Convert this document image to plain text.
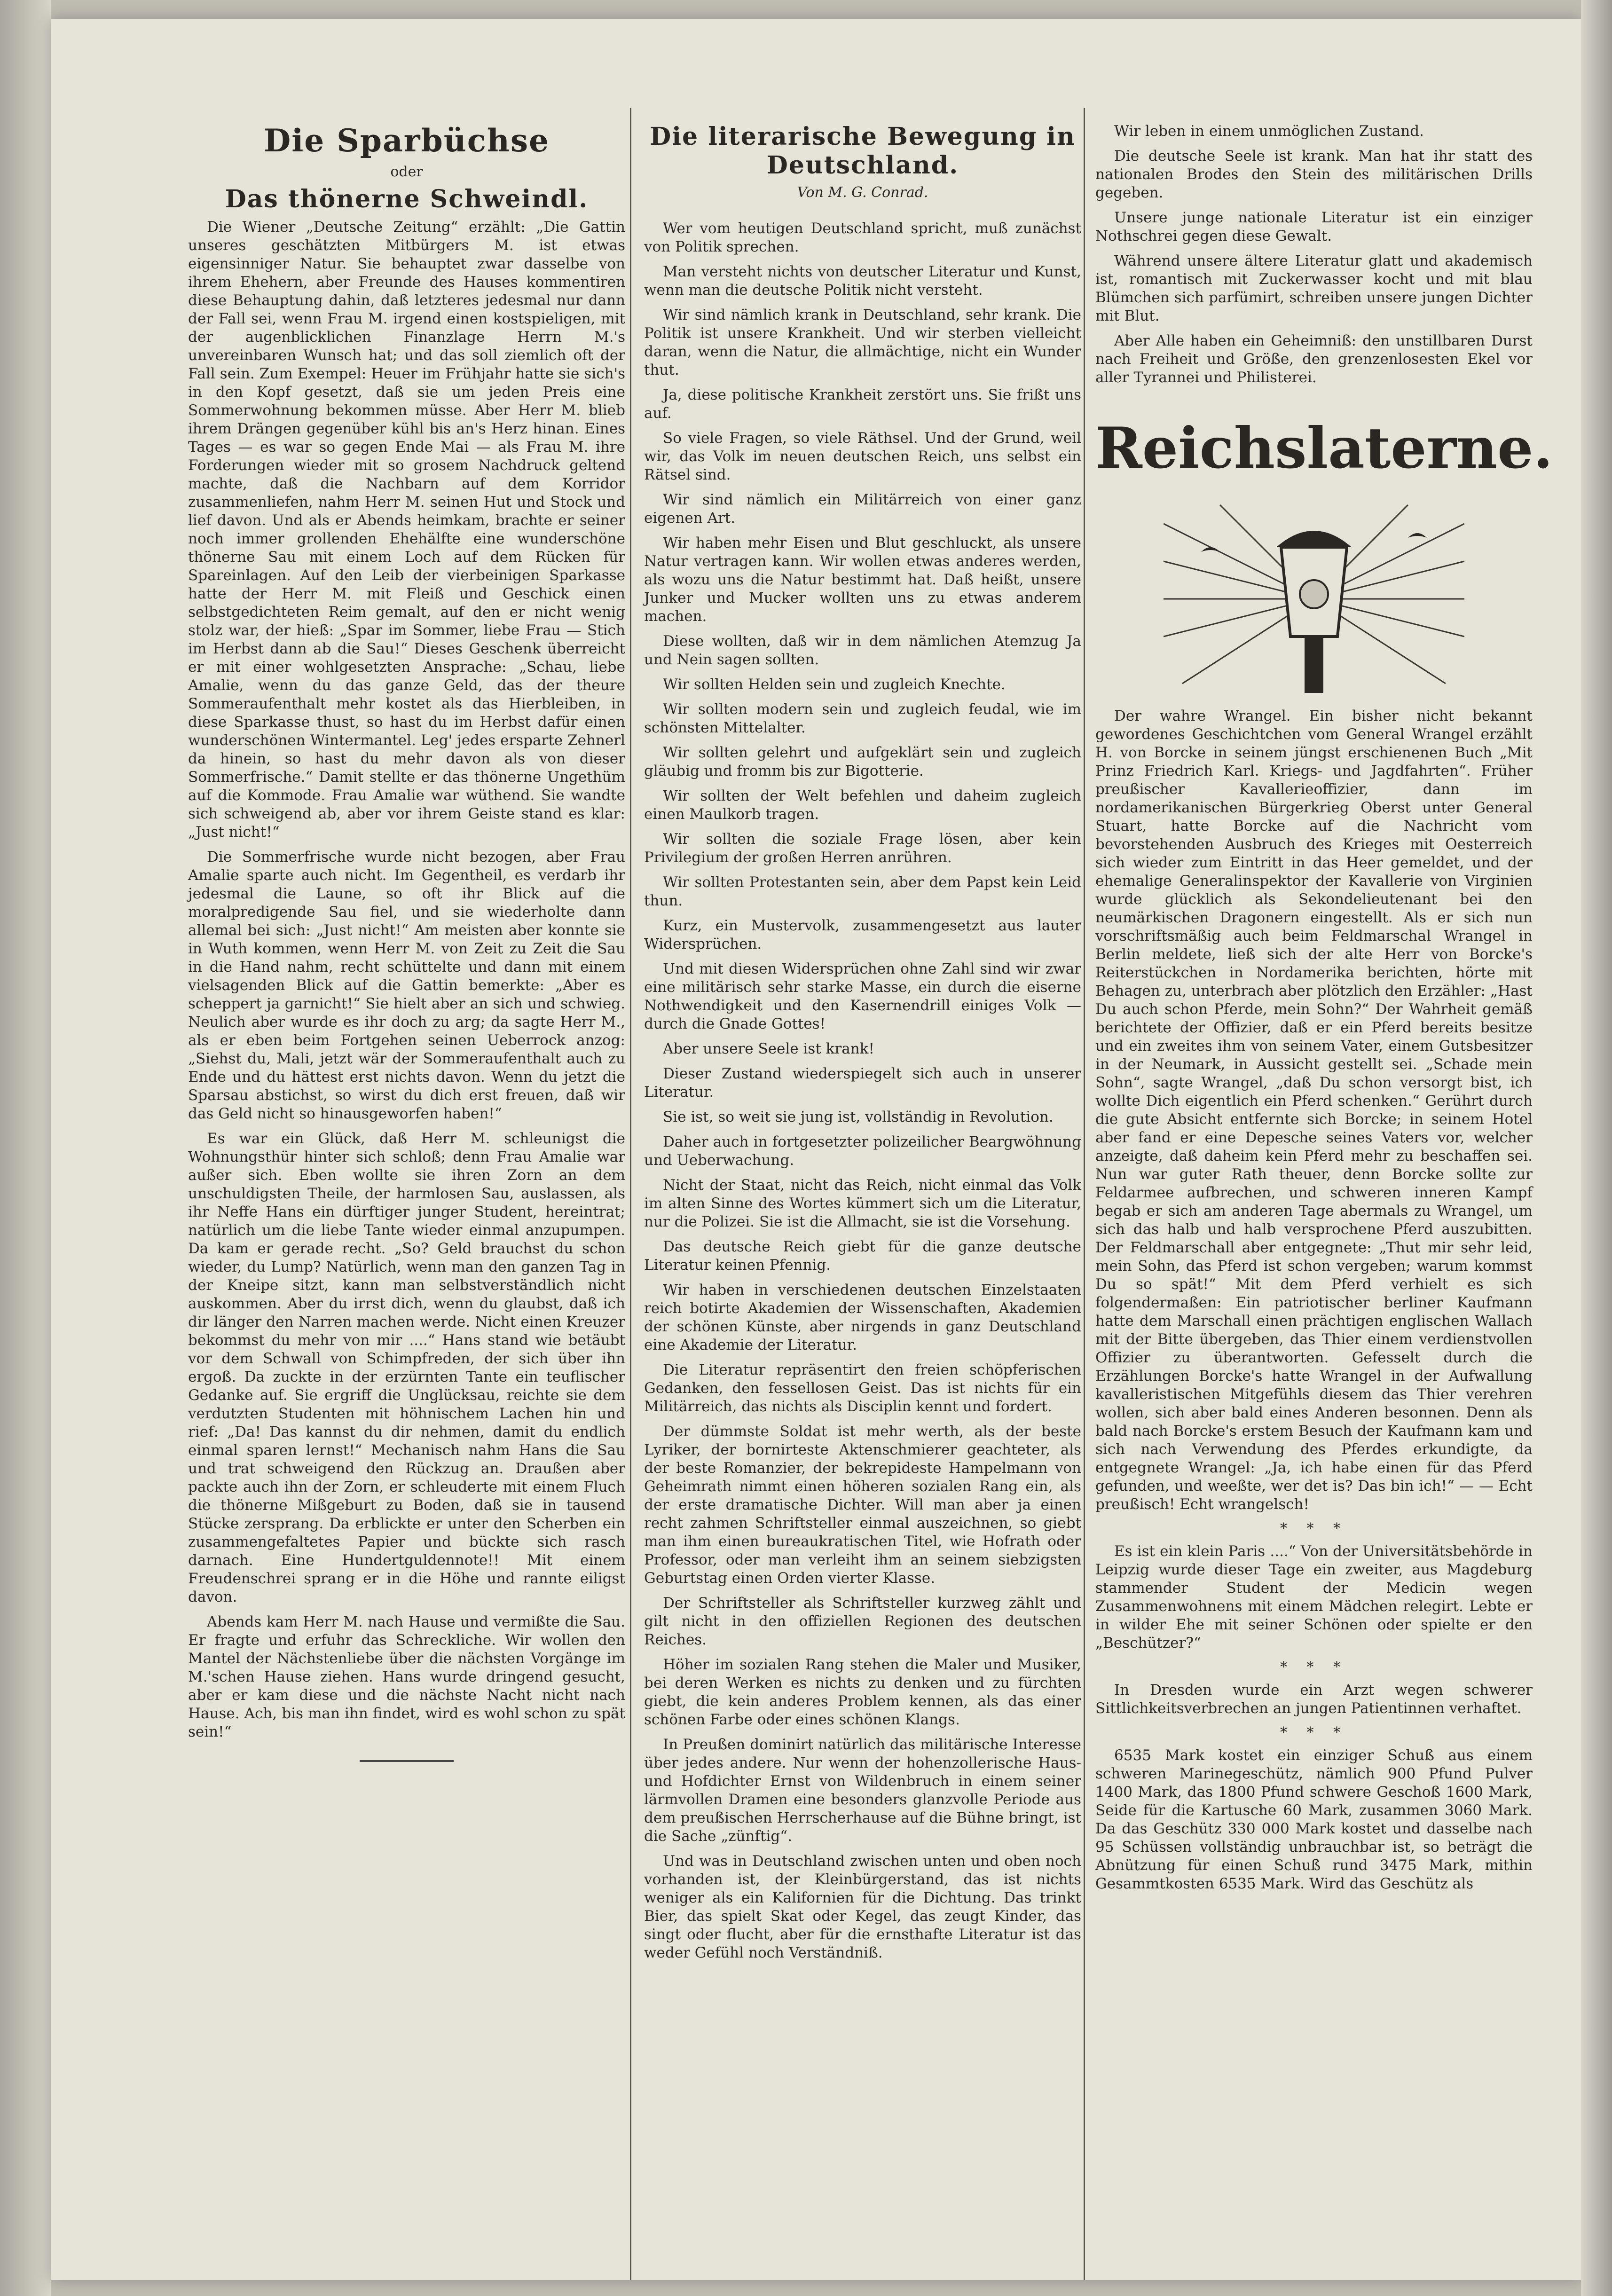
Die Sparbüchse
oder
Das thönerne Schweindl.

Die Wiener „Deutsche Zeitung“ erzählt: „Die Gattin unseres geschätzten Mitbürgers M. ist etwas eigensinniger Natur. Sie behauptet zwar dasselbe von ihrem Ehehern, aber Freunde des Hauses kommentiren diese Behauptung dahin, daß letzteres jedesmal nur dann der Fall sei, wenn Frau M. irgend einen kostspieligen, mit der augenblicklichen Finanzlage Herrn M.'s unvereinbaren Wunsch hat; und das soll ziemlich oft der Fall sein. Zum Exempel: Heuer im Frühjahr hatte sie sich's in den Kopf gesetzt, daß sie um jeden Preis eine Sommerwohnung bekommen müsse. Aber Herr M. blieb ihrem Drängen gegenüber kühl bis an's Herz hinan. Eines Tages — es war so gegen Ende Mai — als Frau M. ihre Forderungen wieder mit so grosem Nachdruck geltend machte, daß die Nachbarn auf dem Korridor zusammenliefen, nahm Herr M. seinen Hut und Stock und lief davon. Und als er Abends heimkam, brachte er seiner noch immer grollenden Ehehälfte eine wunderschöne thönerne Sau mit einem Loch auf dem Rücken für Spareinlagen. Auf den Leib der vierbeinigen Sparkasse hatte der Herr M. mit Fleiß und Geschick einen selbstgedichteten Reim gemalt, auf den er nicht wenig stolz war, der hieß: „Spar im Sommer, liebe Frau — Stich im Herbst dann ab die Sau!“ Dieses Geschenk überreicht er mit einer wohlgesetzten Ansprache: „Schau, liebe Amalie, wenn du das ganze Geld, das der theure Sommeraufenthalt mehr kostet als das Hierbleiben, in diese Sparkasse thust, so hast du im Herbst dafür einen wunderschönen Wintermantel. Leg' jedes ersparte Zehnerl da hinein, so hast du mehr davon als von dieser Sommerfrische.“ Damit stellte er das thönerne Ungethüm auf die Kommode. Frau Amalie war wüthend. Sie wandte sich schweigend ab, aber vor ihrem Geiste stand es klar: „Just nicht!“

Die Sommerfrische wurde nicht bezogen, aber Frau Amalie sparte auch nicht. Im Gegentheil, es verdarb ihr jedesmal die Laune, so oft ihr Blick auf die moralpredigende Sau fiel, und sie wiederholte dann allemal bei sich: „Just nicht!“ Am meisten aber konnte sie in Wuth kommen, wenn Herr M. von Zeit zu Zeit die Sau in die Hand nahm, recht schüttelte und dann mit einem vielsagenden Blick auf die Gattin bemerkte: „Aber es scheppert ja garnicht!“ Sie hielt aber an sich und schwieg. Neulich aber wurde es ihr doch zu arg; da sagte Herr M., als er eben beim Fortgehen seinen Ueberrock anzog: „Siehst du, Mali, jetzt wär der Sommeraufenthalt auch zu Ende und du hättest erst nichts davon. Wenn du jetzt die Sparsau abstichst, so wirst du dich erst freuen, daß wir das Geld nicht so hinausgeworfen haben!“

Es war ein Glück, daß Herr M. schleunigst die Wohnungsthür hinter sich schloß; denn Frau Amalie war außer sich. Eben wollte sie ihren Zorn an dem unschuldigsten Theile, der harmlosen Sau, auslassen, als ihr Neffe Hans ein dürftiger junger Student, hereintrat; natürlich um die liebe Tante wieder einmal anzupumpen. Da kam er gerade recht. „So? Geld brauchst du schon wieder, du Lump? Natürlich, wenn man den ganzen Tag in der Kneipe sitzt, kann man selbstverständlich nicht auskommen. Aber du irrst dich, wenn du glaubst, daß ich dir länger den Narren machen werde. Nicht einen Kreuzer bekommst du mehr von mir ....“ Hans stand wie betäubt vor dem Schwall von Schimpfreden, der sich über ihn ergoß. Da zuckte in der erzürnten Tante ein teuflischer Gedanke auf. Sie ergriff die Unglücksau, reichte sie dem verdutzten Studenten mit höhnischem Lachen hin und rief: „Da! Das kannst du dir nehmen, damit du endlich einmal sparen lernst!“ Mechanisch nahm Hans die Sau und trat schweigend den Rückzug an. Draußen aber packte auch ihn der Zorn, er schleuderte mit einem Fluch die thönerne Mißgeburt zu Boden, daß sie in tausend Stücke zersprang. Da erblickte er unter den Scherben ein zusammengefaltetes Papier und bückte sich rasch darnach. Eine Hundertguldennote!! Mit einem Freudenschrei sprang er in die Höhe und rannte eiligst davon.

Abends kam Herr M. nach Hause und vermißte die Sau. Er fragte und erfuhr das Schreckliche. Wir wollen den Mantel der Nächstenliebe über die nächsten Vorgänge im M.'schen Hause ziehen. Hans wurde dringend gesucht, aber er kam diese und die nächste Nacht nicht nach Hause. Ach, bis man ihn findet, wird es wohl schon zu spät sein!“

Die literarische Bewegung in Deutschland.
Von M. G. Conrad.

Wer vom heutigen Deutschland spricht, muß zunächst von Politik sprechen.

Man versteht nichts von deutscher Literatur und Kunst, wenn man die deutsche Politik nicht versteht.

Wir sind nämlich krank in Deutschland, sehr krank. Die Politik ist unsere Krankheit. Und wir sterben vielleicht daran, wenn die Natur, die allmächtige, nicht ein Wunder thut.

Ja, diese politische Krankheit zerstört uns. Sie frißt uns auf.

So viele Fragen, so viele Räthsel. Und der Grund, weil wir, das Volk im neuen deutschen Reich, uns selbst ein Rätsel sind.

Wir sind nämlich ein Militärreich von einer ganz eigenen Art.

Wir haben mehr Eisen und Blut geschluckt, als unsere Natur vertragen kann. Wir wollen etwas anderes werden, als wozu uns die Natur bestimmt hat. Daß heißt, unsere Junker und Mucker wollten uns zu etwas anderem machen.

Diese wollten, daß wir in dem nämlichen Atemzug Ja und Nein sagen sollten.

Wir sollten Helden sein und zugleich Knechte.

Wir sollten modern sein und zugleich feudal, wie im schönsten Mittelalter.

Wir sollten gelehrt und aufgeklärt sein und zugleich gläubig und fromm bis zur Bigotterie.

Wir sollten der Welt befehlen und daheim zugleich einen Maulkorb tragen.

Wir sollten die soziale Frage lösen, aber kein Privilegium der großen Herren anrühren.

Wir sollten Protestanten sein, aber dem Papst kein Leid thun.

Kurz, ein Mustervolk, zusammengesetzt aus lauter Widersprüchen.

Und mit diesen Widersprüchen ohne Zahl sind wir zwar eine militärisch sehr starke Masse, ein durch die eiserne Nothwendigkeit und den Kasernendrill einiges Volk — durch die Gnade Gottes!

Aber unsere Seele ist krank!

Dieser Zustand wiederspiegelt sich auch in unserer Literatur.

Sie ist, so weit sie jung ist, vollständig in Revolution.

Daher auch in fortgesetzter polizeilicher Beargwöhnung und Ueberwachung.

Nicht der Staat, nicht das Reich, nicht einmal das Volk im alten Sinne des Wortes kümmert sich um die Literatur, nur die Polizei. Sie ist die Allmacht, sie ist die Vorsehung.

Das deutsche Reich giebt für die ganze deutsche Literatur keinen Pfennig.

Wir haben in verschiedenen deutschen Einzelstaaten reich botirte Akademien der Wissenschaften, Akademien der schönen Künste, aber nirgends in ganz Deutschland eine Akademie der Literatur.

Die Literatur repräsentirt den freien schöpferischen Gedanken, den fessellosen Geist. Das ist nichts für ein Militärreich, das nichts als Disciplin kennt und fordert.

Der dümmste Soldat ist mehr werth, als der beste Lyriker, der bornirteste Aktenschmierer geachteter, als der beste Romanzier, der bekrepideste Hampelmann von Geheimrath nimmt einen höheren sozialen Rang ein, als der erste dramatische Dichter. Will man aber ja einen recht zahmen Schriftsteller einmal auszeichnen, so giebt man ihm einen bureaukratischen Titel, wie Hofrath oder Professor, oder man verleiht ihm an seinem siebzigsten Geburtstag einen Orden vierter Klasse.

Der Schriftsteller als Schriftsteller kurzweg zählt und gilt nicht in den offiziellen Regionen des deutschen Reiches.

Höher im sozialen Rang stehen die Maler und Musiker, bei deren Werken es nichts zu denken und zu fürchten giebt, die kein anderes Problem kennen, als das einer schönen Farbe oder eines schönen Klangs.

In Preußen dominirt natürlich das militärische Interesse über jedes andere. Nur wenn der hohenzollerische Haus- und Hofdichter Ernst von Wildenbruch in einem seiner lärmvollen Dramen eine besonders glanzvolle Periode aus dem preußischen Herrscherhause auf die Bühne bringt, ist die Sache „zünftig“.

Und was in Deutschland zwischen unten und oben noch vorhanden ist, der Kleinbürgerstand, das ist nichts weniger als ein Kalifornien für die Dichtung. Das trinkt Bier, das spielt Skat oder Kegel, das zeugt Kinder, das singt oder flucht, aber für die ernsthafte Literatur ist das weder Gefühl noch Verständniß.

Wir leben in einem unmöglichen Zustand.

Die deutsche Seele ist krank. Man hat ihr statt des nationalen Brodes den Stein des militärischen Drills gegeben.

Unsere junge nationale Literatur ist ein einziger Nothschrei gegen diese Gewalt.

Während unsere ältere Literatur glatt und akademisch ist, romantisch mit Zuckerwasser kocht und mit blau Blümchen sich parfümirt, schreiben unsere jungen Dichter mit Blut.

Aber Alle haben ein Geheimniß: den unstillbaren Durst nach Freiheit und Größe, den grenzenlosesten Ekel vor aller Tyrannei und Philisterei.

Reichslaterne.

Der wahre Wrangel. Ein bisher nicht bekannt gewordenes Geschichtchen vom General Wrangel erzählt H. von Borcke in seinem jüngst erschienenen Buch „Mit Prinz Friedrich Karl. Kriegs- und Jagdfahrten“. Früher preußischer Kavallerieoffizier, dann im nordamerikanischen Bürgerkrieg Oberst unter General Stuart, hatte Borcke auf die Nachricht vom bevorstehenden Ausbruch des Krieges mit Oesterreich sich wieder zum Eintritt in das Heer gemeldet, und der ehemalige Generalinspektor der Kavallerie von Virginien wurde glücklich als Sekondelieutenant bei den neumärkischen Dragonern eingestellt. Als er sich nun vorschriftsmäßig auch beim Feldmarschal Wrangel in Berlin meldete, ließ sich der alte Herr von Borcke's Reiterstückchen in Nordamerika berichten, hörte mit Behagen zu, unterbrach aber plötzlich den Erzähler: „Hast Du auch schon Pferde, mein Sohn?“ Der Wahrheit gemäß berichtete der Offizier, daß er ein Pferd bereits besitze und ein zweites ihm von seinem Vater, einem Gutsbesitzer in der Neumark, in Aussicht gestellt sei. „Schade mein Sohn“, sagte Wrangel, „daß Du schon versorgt bist, ich wollte Dich eigentlich ein Pferd schenken.“ Gerührt durch die gute Absicht entfernte sich Borcke; in seinem Hotel aber fand er eine Depesche seines Vaters vor, welcher anzeigte, daß daheim kein Pferd mehr zu beschaffen sei. Nun war guter Rath theuer, denn Borcke sollte zur Feldarmee aufbrechen, und schweren inneren Kampf begab er sich am anderen Tage abermals zu Wrangel, um sich das halb und halb versprochene Pferd auszubitten. Der Feldmarschall aber entgegnete: „Thut mir sehr leid, mein Sohn, das Pferd ist schon vergeben; warum kommst Du so spät!“ Mit dem Pferd verhielt es sich folgendermaßen: Ein patriotischer berliner Kaufmann hatte dem Marschall einen prächtigen englischen Wallach mit der Bitte übergeben, das Thier einem verdienstvollen Offizier zu überantworten. Gefesselt durch die Erzählungen Borcke's hatte Wrangel in der Aufwallung kavalleristischen Mitgefühls diesem das Thier verehren wollen, sich aber bald eines Anderen besonnen. Denn als bald nach Borcke's erstem Besuch der Kaufmann kam und sich nach Verwendung des Pferdes erkundigte, da entgegnete Wrangel: „Ja, ich habe einen für das Pferd gefunden, und weeßte, wer det is? Das bin ich!“ — — Echt preußisch! Echt wrangelsch!

* * *

Es ist ein klein Paris ....“ Von der Universitätsbehörde in Leipzig wurde dieser Tage ein zweiter, aus Magdeburg stammender Student der Medicin wegen Zusammenwohnens mit einem Mädchen relegirt. Lebte er in wilder Ehe mit seiner Schönen oder spielte er den „Beschützer?“

* * *

In Dresden wurde ein Arzt wegen schwerer Sittlichkeitsverbrechen an jungen Patientinnen verhaftet.

* * *

6535 Mark kostet ein einziger Schuß aus einem schweren Marinegeschütz, nämlich 900 Pfund Pulver 1400 Mark, das 1800 Pfund schwere Geschoß 1600 Mark, Seide für die Kartusche 60 Mark, zusammen 3060 Mark. Da das Geschütz 330 000 Mark kostet und dasselbe nach 95 Schüssen vollständig unbrauchbar ist, so beträgt die Abnützung für einen Schuß rund 3475 Mark, mithin Gesammtkosten 6535 Mark. Wird das Geschütz als
